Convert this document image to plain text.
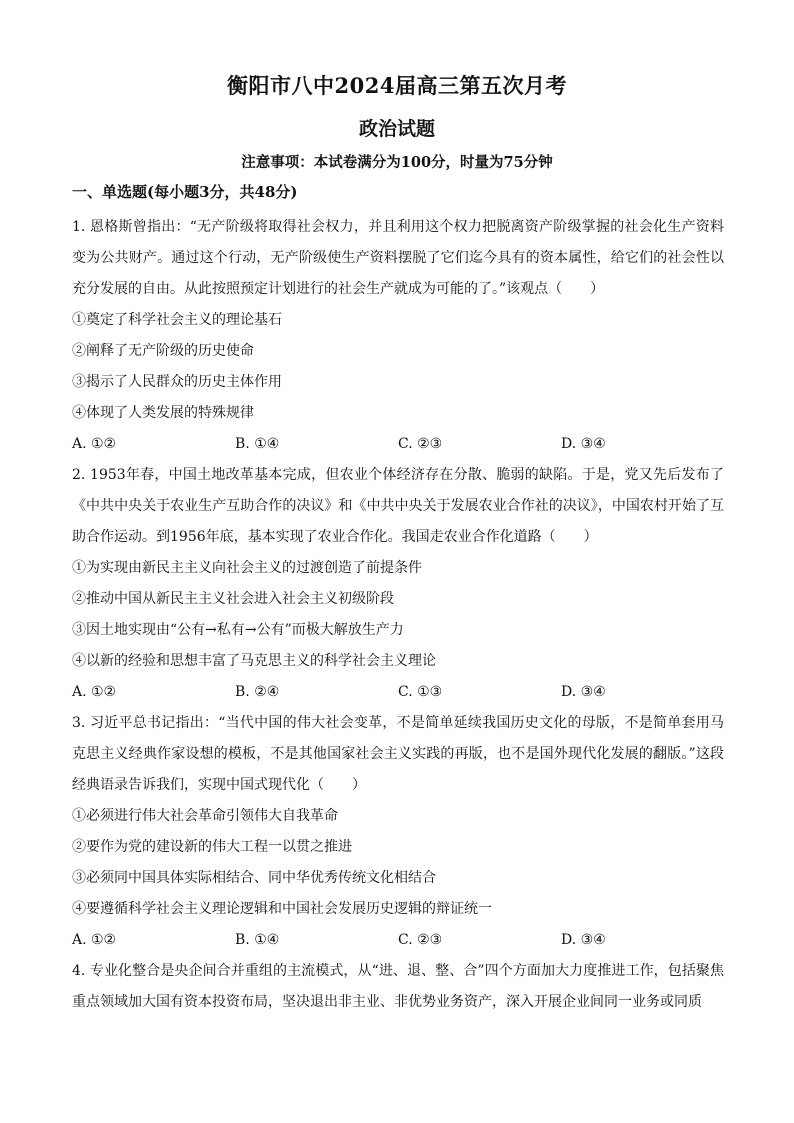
衡阳市八中2024届高三第五次月考
政治试题
注意事项：本试卷满分为100分，时量为75分钟
一、单选题(每小题3分，共48分)

1. 恩格斯曾指出：“无产阶级将取得社会权力，并且利用这个权力把脱离资产阶级掌握的社会化生产资料变为公共财产。通过这个行动，无产阶级使生产资料摆脱了它们迄今具有的资本属性，给它们的社会性以充分发展的自由。从此按照预定计划进行的社会生产就成为可能的了。”该观点（　　）

①奠定了科学社会主义的理论基石

②阐释了无产阶级的历史使命

③揭示了人民群众的历史主体作用

④体现了人类发展的特殊规律

A. ①②	B. ①④	C. ②③	D. ③④

2. 1953年春，中国土地改革基本完成，但农业个体经济存在分散、脆弱的缺陷。于是，党又先后发布了《中共中央关于农业生产互助合作的决议》和《中共中央关于发展农业合作社的决议》，中国农村开始了互助合作运动。到1956年底，基本实现了农业合作化。我国走农业合作化道路（　　）

①为实现由新民主主义向社会主义的过渡创造了前提条件

②推动中国从新民主主义社会进入社会主义初级阶段

③因土地实现由“公有→私有→公有”而极大解放生产力

④以新的经验和思想丰富了马克思主义的科学社会主义理论

A. ①②	B. ②④	C. ①③	D. ③④

3. 习近平总书记指出：“当代中国的伟大社会变革，不是简单延续我国历史文化的母版，不是简单套用马克思主义经典作家设想的模板，不是其他国家社会主义实践的再版，也不是国外现代化发展的翻版。”这段经典语录告诉我们，实现中国式现代化（　　）

①必须进行伟大社会革命引领伟大自我革命

②要作为党的建设新的伟大工程一以贯之推进

③必须同中国具体实际相结合、同中华优秀传统文化相结合

④要遵循科学社会主义理论逻辑和中国社会发展历史逻辑的辩证统一

A. ①②	B. ①④	C. ②③	D. ③④

4. 专业化整合是央企间合并重组的主流模式，从“进、退、整、合”四个方面加大力度推进工作，包括聚焦重点领域加大国有资本投资布局，坚决退出非主业、非优势业务资产，深入开展企业间同一业务或同质
